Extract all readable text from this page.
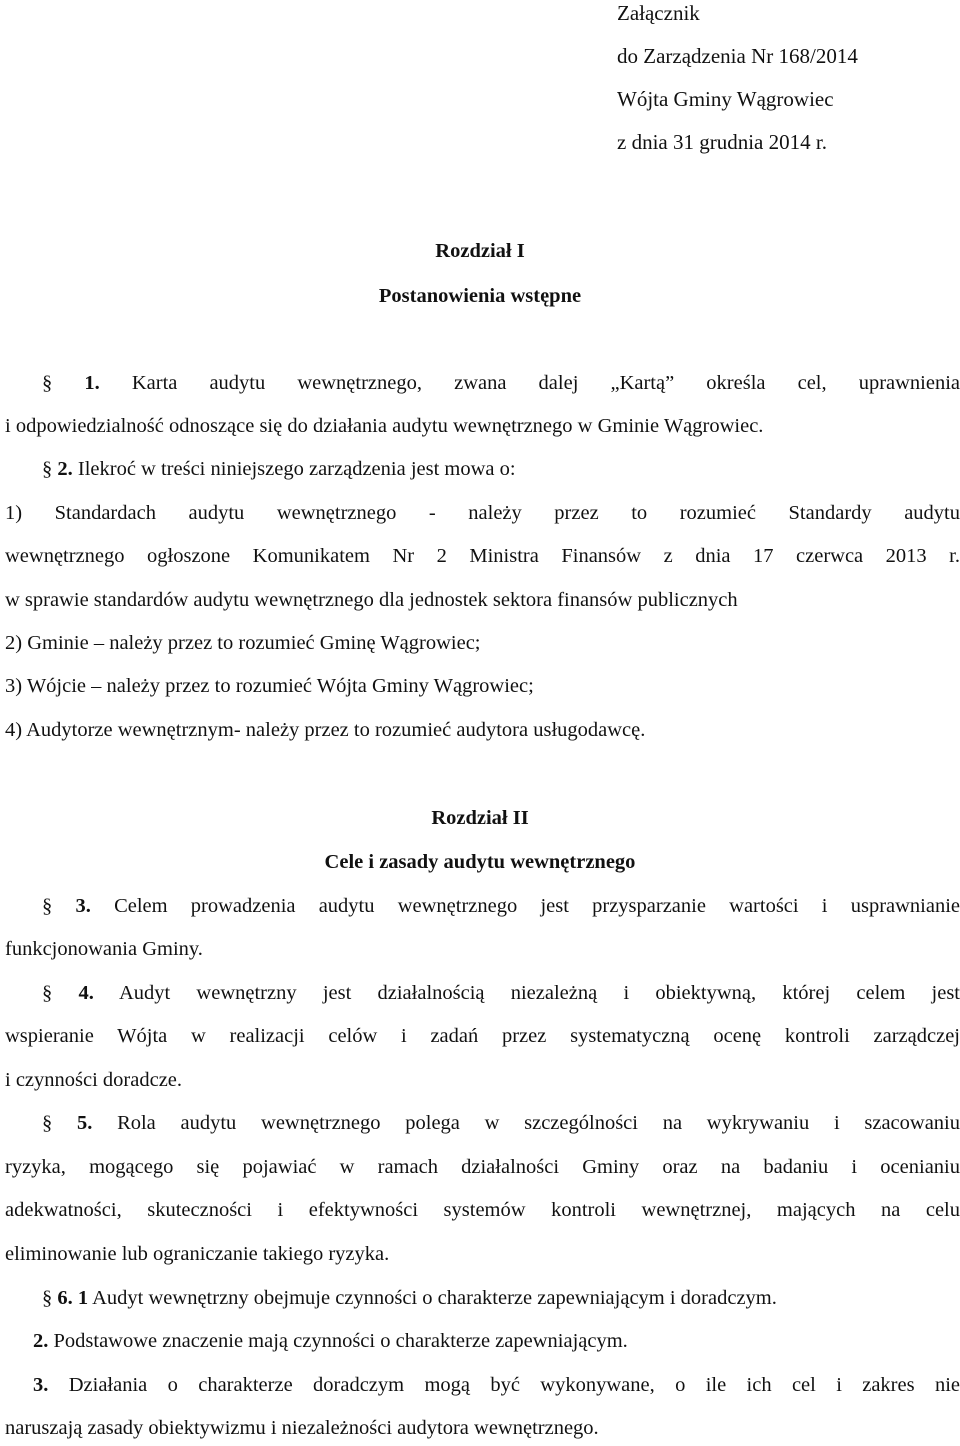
Załącznik
do Zarządzenia Nr 168/2014
Wójta Gminy Wągrowiec
z dnia 31 grudnia 2014 r.
Rozdział I
Postanowienia wstępne
§ 1. Karta audytu wewnętrznego, zwana dalej „Kartą” określa cel, uprawnienia
i odpowiedzialność odnoszące się do działania audytu wewnętrznego w Gminie Wągrowiec.
§ 2. Ilekroć w treści niniejszego zarządzenia jest mowa o:
1) Standardach audytu wewnętrznego - należy przez to rozumieć Standardy audytu
wewnętrznego ogłoszone Komunikatem Nr 2 Ministra Finansów z dnia 17 czerwca 2013 r.
w sprawie standardów audytu wewnętrznego dla jednostek sektora finansów publicznych
2) Gminie – należy przez to rozumieć Gminę Wągrowiec;
3) Wójcie – należy przez to rozumieć Wójta Gminy Wągrowiec;
4) Audytorze wewnętrznym- należy przez to rozumieć audytora usługodawcę.
Rozdział II
Cele i zasady audytu wewnętrznego
§ 3. Celem prowadzenia audytu wewnętrznego jest przysparzanie wartości i usprawnianie
funkcjonowania Gminy.
§ 4. Audyt wewnętrzny jest działalnością niezależną i obiektywną, której celem jest
wspieranie Wójta w realizacji celów i zadań przez systematyczną ocenę kontroli zarządczej
i czynności doradcze.
§ 5. Rola audytu wewnętrznego polega w szczególności na wykrywaniu i szacowaniu
ryzyka, mogącego się pojawiać w ramach działalności Gminy oraz na badaniu i ocenianiu
adekwatności, skuteczności i efektywności systemów kontroli wewnętrznej, mających na celu
eliminowanie lub ograniczanie takiego ryzyka.
§ 6. 1 Audyt wewnętrzny obejmuje czynności o charakterze zapewniającym i doradczym.
2. Podstawowe znaczenie mają czynności o charakterze zapewniającym.
3. Działania o charakterze doradczym mogą być wykonywane, o ile ich cel i zakres nie
naruszają zasady obiektywizmu i niezależności audytora wewnętrznego.
